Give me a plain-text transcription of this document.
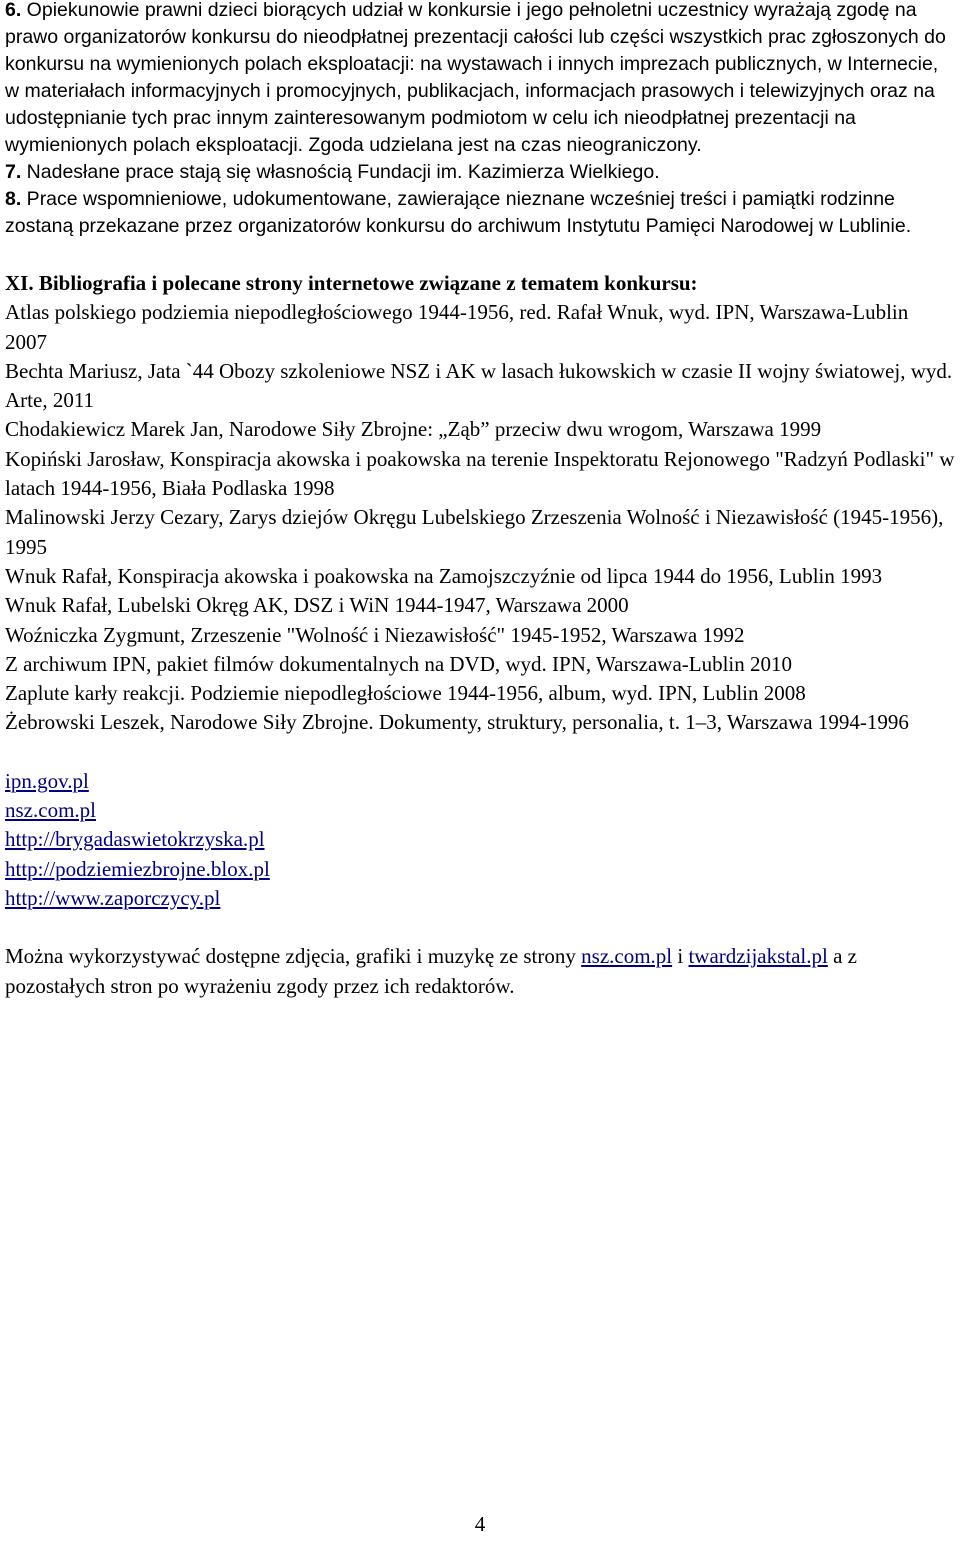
6. Opiekunowie prawni dzieci biorących udział w konkursie i jego pełnoletni uczestnicy wyrażają zgodę na prawo organizatorów konkursu do nieodpłatnej prezentacji całości lub części wszystkich prac zgłoszonych do konkursu na wymienionych polach eksploatacji: na wystawach i innych imprezach publicznych, w Internecie, w materiałach informacyjnych i promocyjnych, publikacjach, informacjach prasowych i telewizyjnych oraz na udostępnianie tych prac innym zainteresowanym podmiotom w celu ich nieodpłatnej prezentacji na wymienionych polach eksploatacji. Zgoda udzielana jest na czas nieograniczony.

7. Nadesłane prace stają się własnością Fundacji im. Kazimierza Wielkiego.

8. Prace wspomnieniowe, udokumentowane, zawierające nieznane wcześniej treści i pamiątki rodzinne zostaną przekazane przez organizatorów konkursu do archiwum Instytutu Pamięci Narodowej w Lublinie.

XI. Bibliografia i polecane strony internetowe związane z tematem konkursu:

Atlas polskiego podziemia niepodległościowego 1944-1956, red. Rafał Wnuk, wyd. IPN, Warszawa-Lublin 2007

Bechta Mariusz, Jata `44 Obozy szkoleniowe NSZ i AK w lasach łukowskich w czasie II wojny światowej, wyd. Arte, 2011

Chodakiewicz Marek Jan, Narodowe Siły Zbrojne: „Ząb” przeciw dwu wrogom, Warszawa 1999

Kopiński Jarosław, Konspiracja akowska i poakowska na terenie Inspektoratu Rejonowego "Radzyń Podlaski" w latach 1944-1956, Biała Podlaska 1998

Malinowski Jerzy Cezary, Zarys dziejów Okręgu Lubelskiego Zrzeszenia Wolność i Niezawisłość (1945-1956), 1995

Wnuk Rafał, Konspiracja akowska i poakowska na Zamojszczyźnie od lipca 1944 do 1956, Lublin 1993

Wnuk Rafał, Lubelski Okręg AK, DSZ i WiN 1944-1947, Warszawa 2000

Woźniczka Zygmunt, Zrzeszenie "Wolność i Niezawisłość" 1945-1952, Warszawa 1992

Z archiwum IPN, pakiet filmów dokumentalnych na DVD, wyd. IPN, Warszawa-Lublin 2010

Zaplute karły reakcji. Podziemie niepodległościowe 1944-1956, album, wyd. IPN, Lublin 2008

Żebrowski Leszek, Narodowe Siły Zbrojne. Dokumenty, struktury, personalia, t. 1–3, Warszawa 1994-1996

ipn.gov.pl
nsz.com.pl
http://brygadaswietokrzyska.pl
http://podziemiezbrojne.blox.pl
http://www.zaporczycy.pl

Można wykorzystywać dostępne zdjęcia, grafiki i muzykę ze strony nsz.com.pl i twardzijakstal.pl a z pozostałych stron po wyrażeniu zgody przez ich redaktorów.

4
